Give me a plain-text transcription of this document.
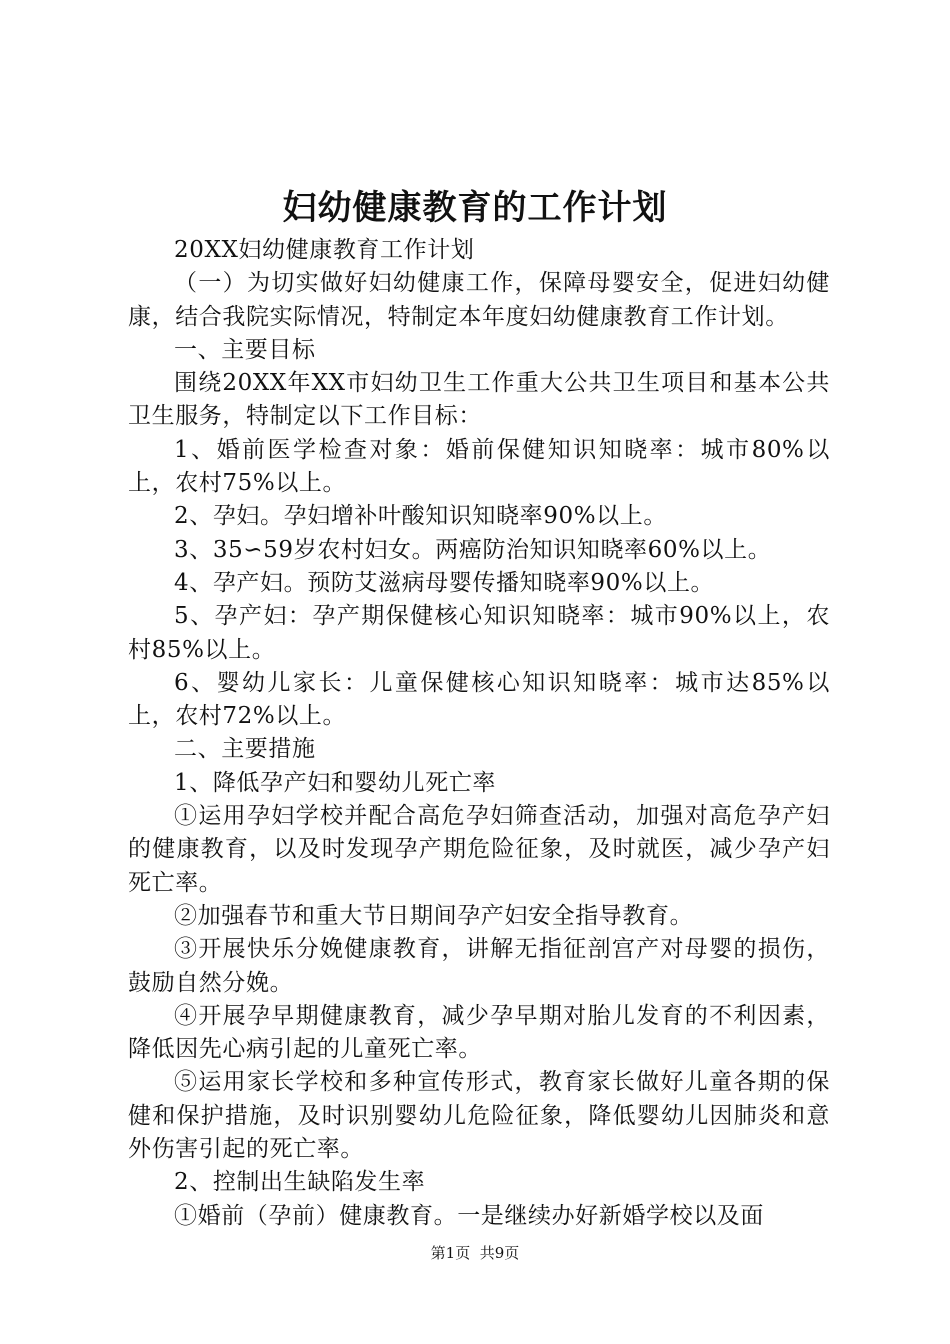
妇幼健康教育的工作计划

20XX妇幼健康教育工作计划

（一）为切实做好妇幼健康工作，保障母婴安全，促进妇幼健康，结合我院实际情况，特制定本年度妇幼健康教育工作计划。

一、主要目标

围绕20XX年XX市妇幼卫生工作重大公共卫生项目和基本公共卫生服务，特制定以下工作目标：

1、婚前医学检查对象：婚前保健知识知晓率：城市80%以上，农村75%以上。

2、孕妇。孕妇增补叶酸知识知晓率90%以上。

3、35∽59岁农村妇女。两癌防治知识知晓率60%以上。

4、孕产妇。预防艾滋病母婴传播知晓率90%以上。

5、孕产妇：孕产期保健核心知识知晓率：城市90%以上，农村85%以上。

6、婴幼儿家长：儿童保健核心知识知晓率：城市达85%以上，农村72%以上。

二、主要措施

1、降低孕产妇和婴幼儿死亡率

①运用孕妇学校并配合高危孕妇筛查活动，加强对高危孕产妇的健康教育，以及时发现孕产期危险征象，及时就医，减少孕产妇死亡率。

②加强春节和重大节日期间孕产妇安全指导教育。

③开展快乐分娩健康教育，讲解无指征剖宫产对母婴的损伤，鼓励自然分娩。

④开展孕早期健康教育，减少孕早期对胎儿发育的不利因素，降低因先心病引起的儿童死亡率。

⑤运用家长学校和多种宣传形式，教育家长做好儿童各期的保健和保护措施，及时识别婴幼儿危险征象，降低婴幼儿因肺炎和意外伤害引起的死亡率。

2、控制出生缺陷发生率

①婚前（孕前）健康教育。一是继续办好新婚学校以及面

第1页 共9页
